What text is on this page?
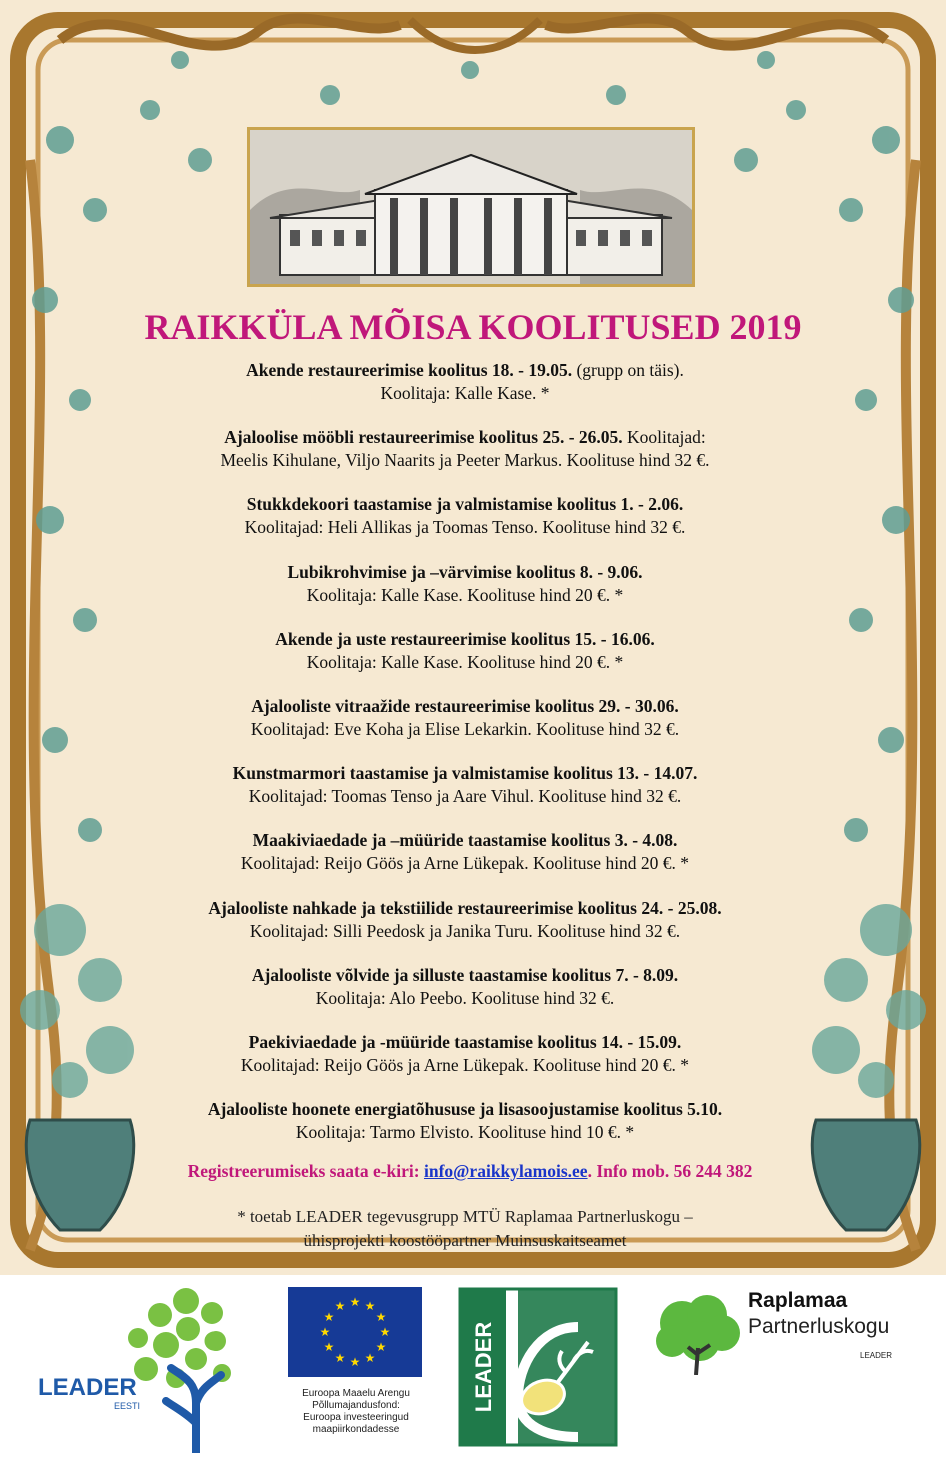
RAIKKÜLA MÕISA KOOLITUSED 2019
Akende restaureerimise koolitus 18. - 19.05. (grupp on täis).
Koolitaja: Kalle Kase. *
Ajaloolise mööbli restaureerimise koolitus 25. - 26.05. Koolitajad:
Meelis Kihulane, Viljo Naarits ja Peeter Markus. Koolituse hind 32 €.
Stukkdekoori taastamise ja valmistamise koolitus 1. - 2.06.
Koolitajad: Heli Allikas ja Toomas Tenso. Koolituse hind 32 €.
Lubikrohvimise ja –värvimise koolitus 8. - 9.06.
Koolitaja: Kalle Kase. Koolituse hind 20 €. *
Akende ja uste restaureerimise koolitus 15. - 16.06.
Koolitaja: Kalle Kase. Koolituse hind 20 €. *
Ajalooliste vitraažide restaureerimise koolitus 29. - 30.06.
Koolitajad: Eve Koha ja Elise Lekarkin. Koolituse hind 32 €.
Kunstmarmori taastamise ja valmistamise koolitus 13. - 14.07.
Koolitajad: Toomas Tenso ja Aare Vihul. Koolituse hind 32 €.
Maakiviaedade ja –müüride taastamise koolitus 3. - 4.08.
Koolitajad: Reijo Göös ja Arne Lükepak. Koolituse hind 20 €. *
Ajalooliste nahkade ja tekstiilide restaureerimise koolitus 24. - 25.08.
Koolitajad: Silli Peedosk ja Janika Turu. Koolituse hind 32 €.
Ajalooliste võlvide ja silluste taastamise koolitus 7. - 8.09.
Koolitaja: Alo Peebo. Koolituse hind 32 €.
Paekiviaedade ja -müüride taastamise koolitus 14. - 15.09.
Koolitajad: Reijo Göös ja Arne Lükepak. Koolituse hind 20 €. *
Ajalooliste hoonete energiatõhususe ja lisasoojustamise koolitus 5.10.
Koolitaja: Tarmo Elvisto. Koolituse hind 10 €. *
Registreerumiseks saata e-kiri: info@raikkylamois.ee. Info mob. 56 244 382
* toetab LEADER tegevusgrupp MTÜ Raplamaa Partnerluskogu –
ühisprojekti koostööpartner Muinsuskaitseamet
LEADER
EESTI
★
★
★
★
★
★
★
★
★ ★ ★
★
Euroopa Maaelu Arengu
Põllumajandusfond:
Euroopa investeeringud
maapiirkondadesse
LEADER
Raplamaa
Partnerluskogu
LEADER
